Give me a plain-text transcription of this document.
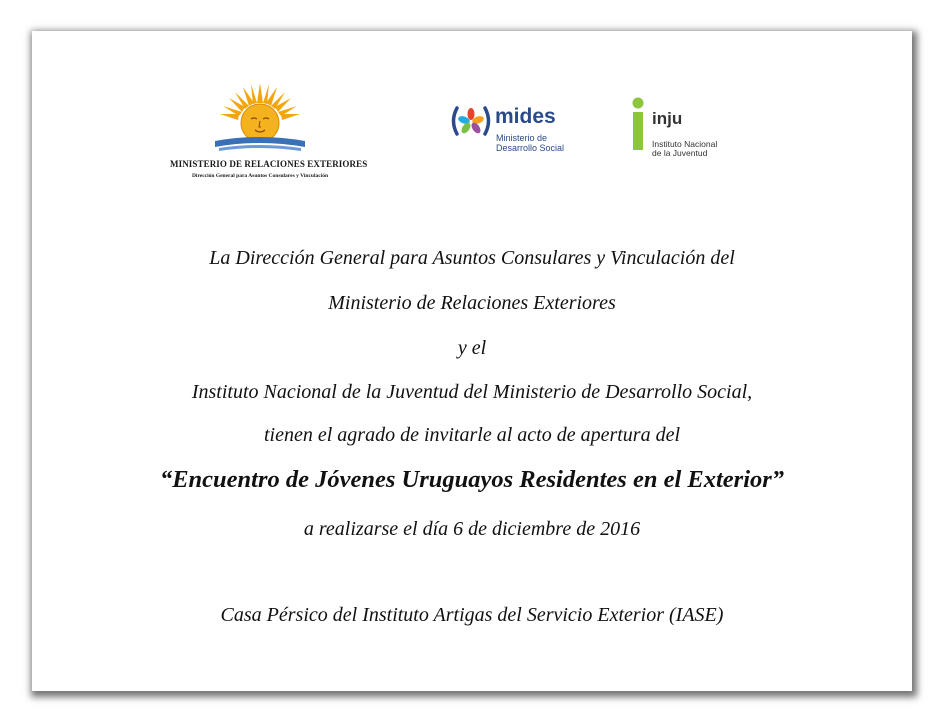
MINISTERIO DE RELACIONES EXTERIORES
Dirección General para Asuntos Consulares y Vinculación
mides
Ministerio de
Desarrollo Social
inju
Instituto Nacional
de la Juventud
La Dirección General para Asuntos Consulares y Vinculación del
Ministerio de Relaciones Exteriores
y el
Instituto Nacional de la Juventud del Ministerio de Desarrollo Social,
tienen el agrado de invitarle al acto de apertura del
“Encuentro de Jóvenes Uruguayos Residentes en el Exterior”
a realizarse el día 6 de diciembre de 2016
Casa Pérsico del Instituto Artigas del Servicio Exterior (IASE)
